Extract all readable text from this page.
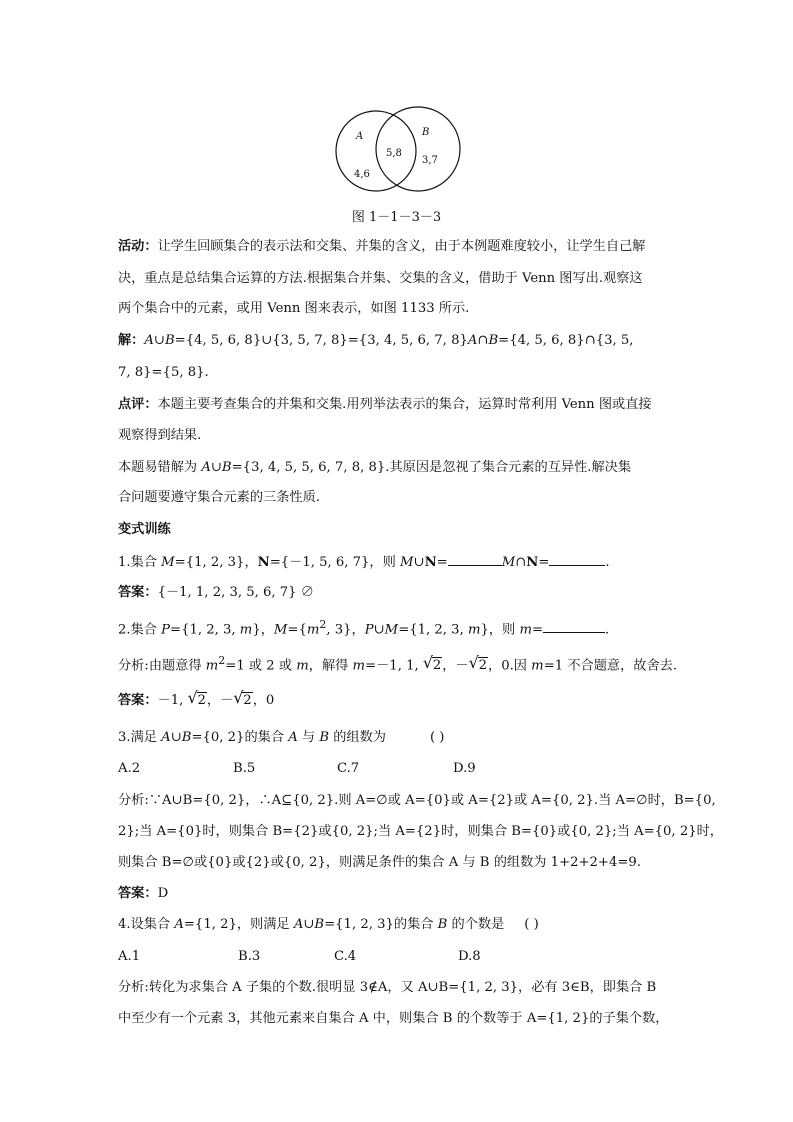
A	B
5,8
4,6
3,7
图 1－1－3－3
活动：让学生回顾集合的表示法和交集、并集的含义，由于本例题难度较小，让学生自己解
决，重点是总结集合运算的方法.根据集合并集、交集的含义，借助于 Venn 图写出.观察这
两个集合中的元素，或用 Venn 图来表示，如图 1133 所示.
解：A∪B={4, 5, 6, 8}∪{3, 5, 7, 8}={3, 4, 5, 6, 7, 8}A∩B={4, 5, 6, 8}∩{3, 5,
7, 8}={5, 8}.
点评：本题主要考查集合的并集和交集.用列举法表示的集合，运算时常利用 Venn 图或直接
观察得到结果.
本题易错解为 A∪B={3, 4, 5, 5, 6, 7, 8, 8}.其原因是忽视了集合元素的互异性.解决集
合问题要遵守集合元素的三条性质.
变式训练
1.集合 M={1, 2, 3}，N={－1, 5, 6, 7}，则 M∪N=	M∩N=	.
答案：{－1, 1, 2, 3, 5, 6, 7} ∅
2.集合 P={1, 2, 3, m}，$M=\{m^2$, 3}，P∪M={1, 2, 3, m}，则 m=	.
分析:由题意得 $m^2=1$ 或 2 或 m，解得 m=－1, 1, √ 2，－ √ 2，0.因 m=1 不合题意，故舍去.
答案：－1, √ 2，－ √ 2，0
3.满足 A∪B={0, 2}的集合 A 与 B 的组数为	( )
A.2	B.5	C.7	D.9
分析:∵A∪B={0, 2}，∴A⊆{0, 2}.则 A=∅或 A={0}或 A={2}或 A={0, 2}.当 A=∅时，B={0,
2};当 A={0}时，则集合 B={2}或{0, 2};当 A={2}时，则集合 B={0}或{0, 2};当 A={0, 2}时，
则集合 B=∅或{0}或{2}或{0, 2}，则满足条件的集合 A 与 B 的组数为 1+2+2+4=9.
答案：D
4.设集合 A={1, 2}，则满足 A∪B={1, 2, 3}的集合 B 的个数是 ( )
A.1	B.3	C.4	D.8
分析:转化为求集合 A 子集的个数.很明显 3∉A，又 A∪B={1, 2, 3}，必有 3∈B，即集合 B
中至少有一个元素 3，其他元素来自集合 A 中，则集合 B 的个数等于 A={1, 2}的子集个数，
